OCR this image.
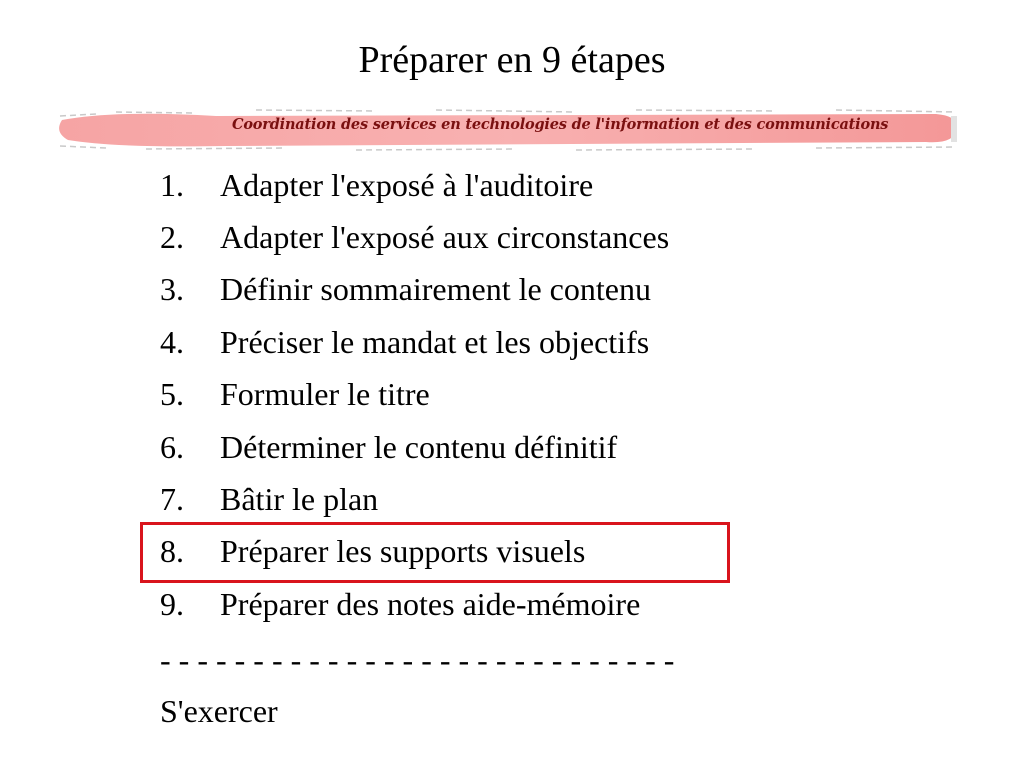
Préparer en 9 étapes
Coordination des services en technologies de l'information et des communications
1.	Adapter l'exposé à l'auditoire
2.	Adapter l'exposé aux circonstances
3.	Définir sommairement le contenu
4.	Préciser le mandat et les objectifs
5.	Formuler le titre
6.	Déterminer le contenu définitif
7.	Bâtir le plan
8.	Préparer les supports visuels
9.	Préparer des notes aide-mémoire
- - - - - - - - - - - - - - - - - - - - - - - - - - - -
S'exercer
